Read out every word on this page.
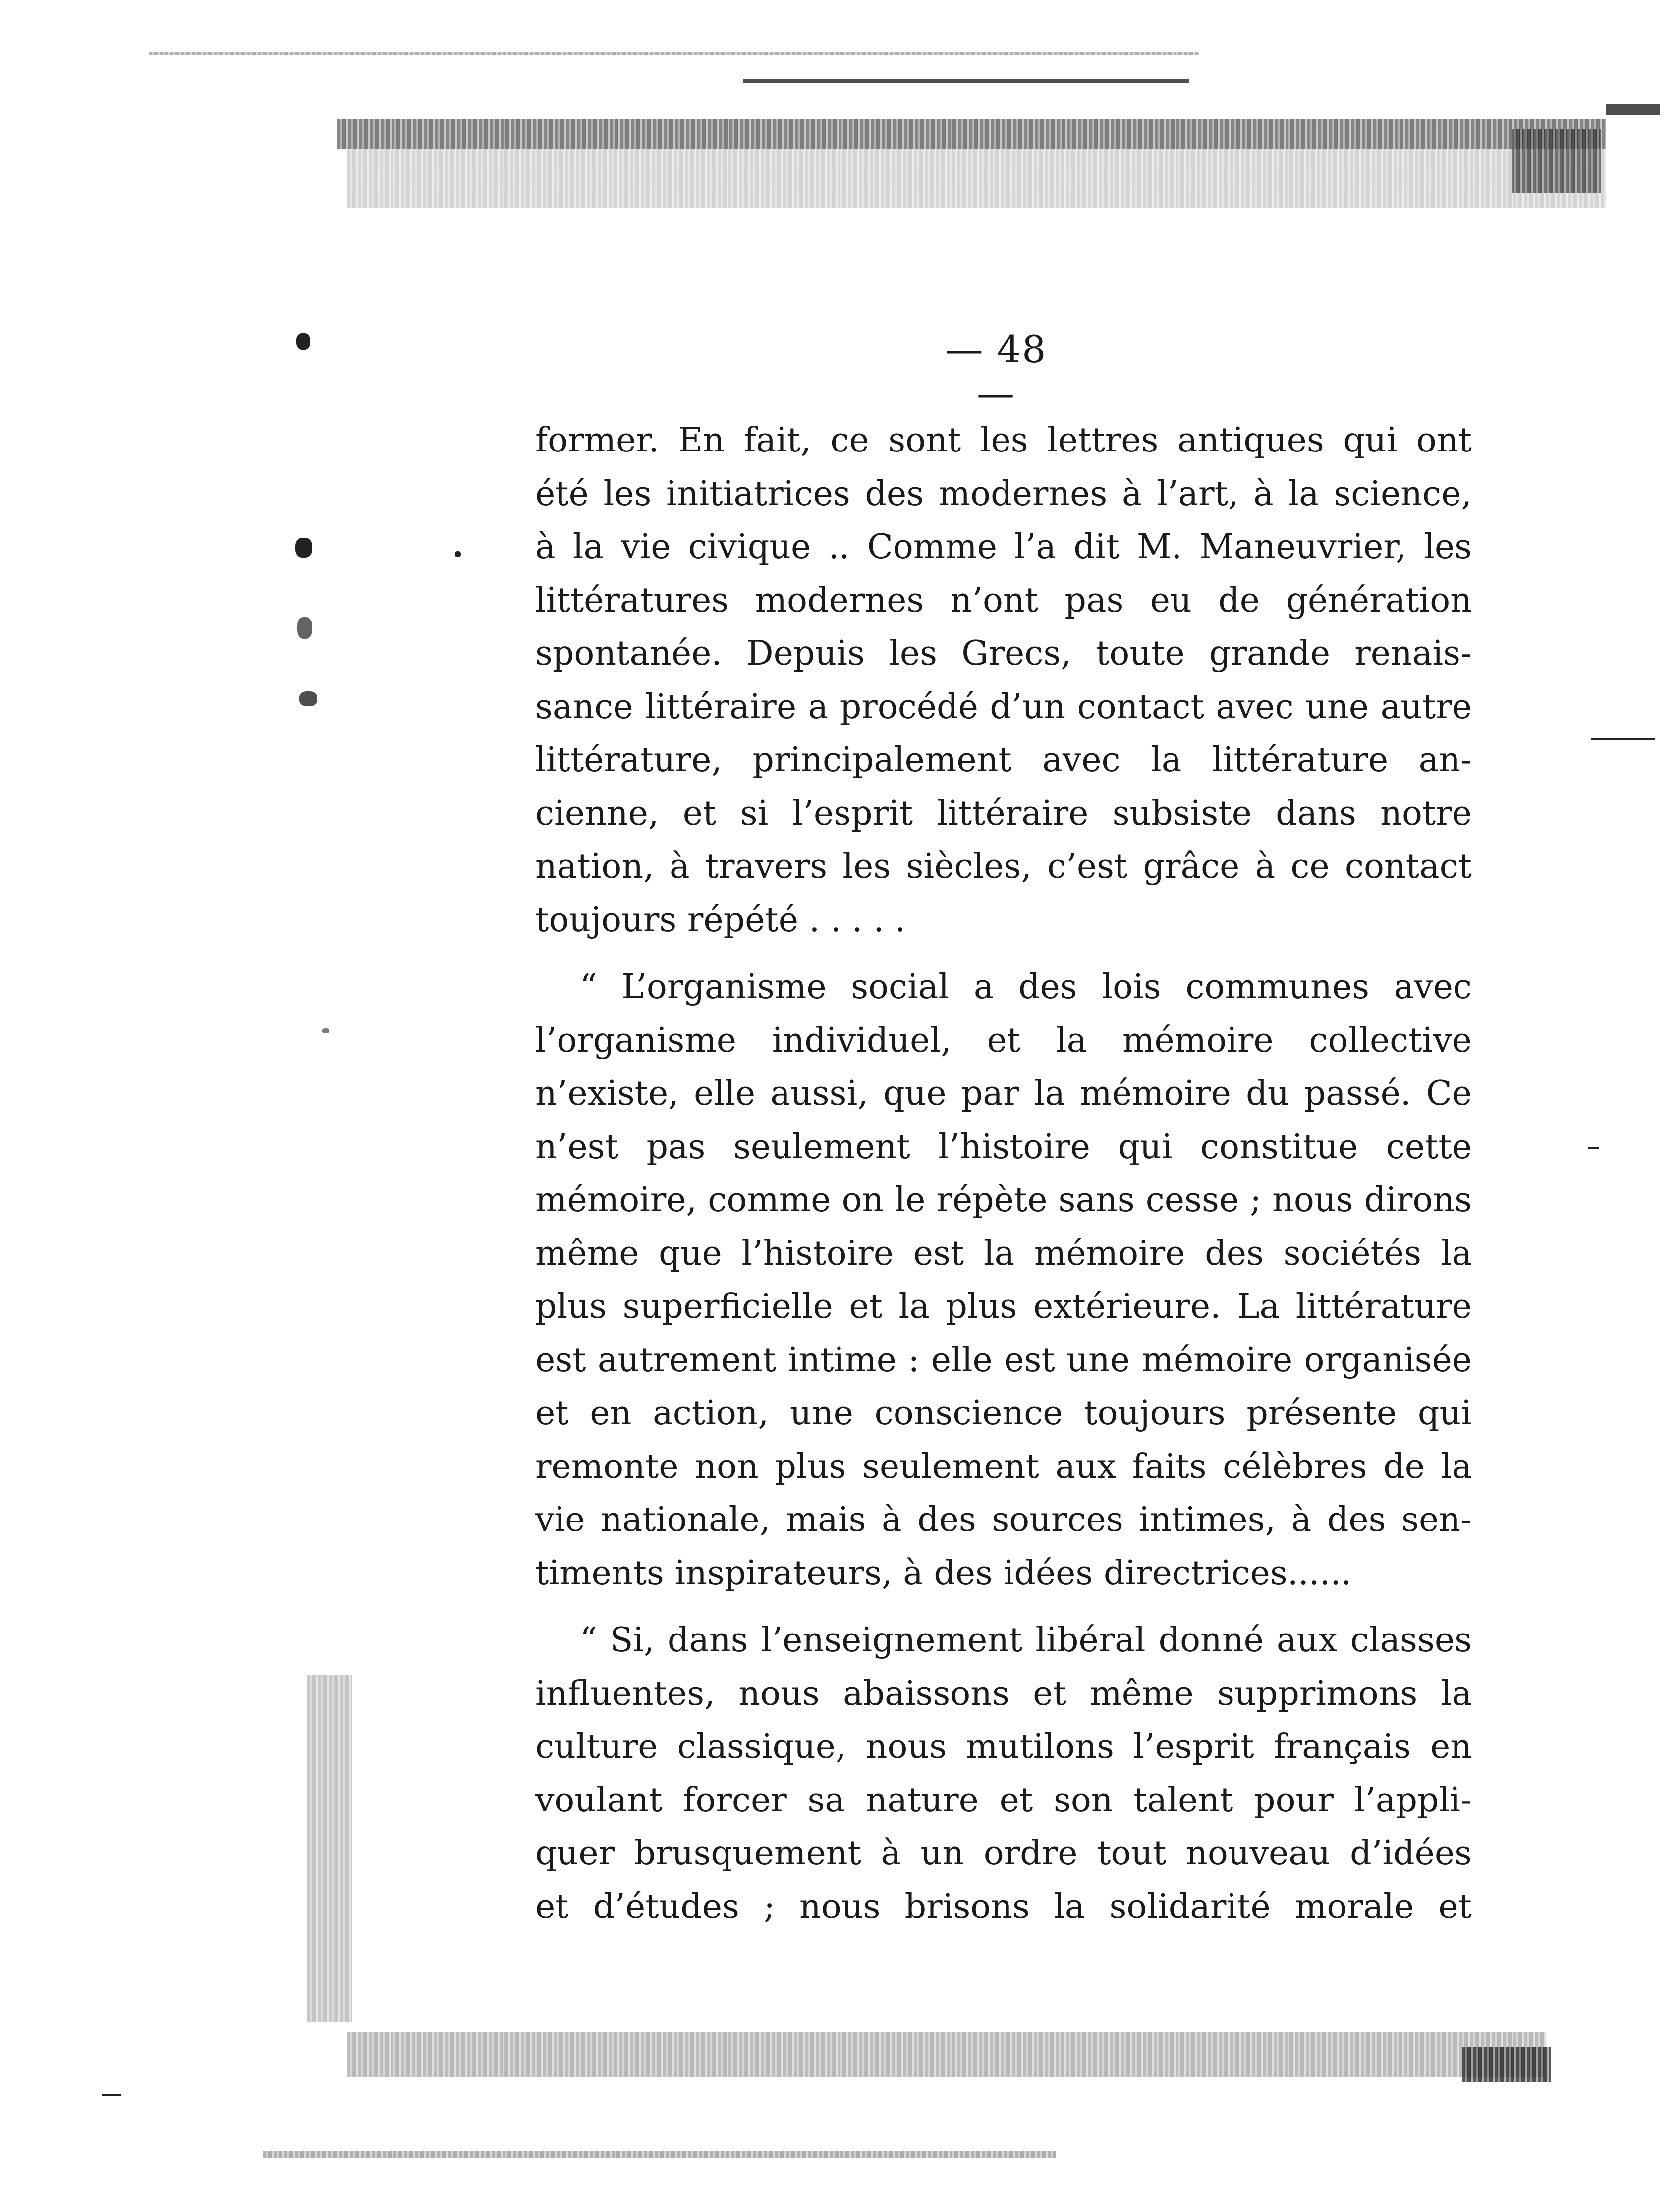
— 48 —
former. En fait, ce sont les lettres antiques qui ont
été les initiatrices des modernes à l’art, à la science,
à la vie civique .. Comme l’a dit M. Maneuvrier, les
littératures modernes n’ont pas eu de génération
spontanée. Depuis les Grecs, toute grande renais-
sance littéraire a procédé d’un contact avec une autre
littérature, principalement avec la littérature an-
cienne, et si l’esprit littéraire subsiste dans notre
nation, à travers les siècles, c’est grâce à ce contact
toujours répété . . . . .
“ L’organisme social a des lois communes avec
l’organisme individuel, et la mémoire collective
n’existe, elle aussi, que par la mémoire du passé. Ce
n’est pas seulement l’histoire qui constitue cette
mémoire, comme on le répète sans cesse ; nous dirons
même que l’histoire est la mémoire des sociétés la
plus superficielle et la plus extérieure. La littérature
est autrement intime : elle est une mémoire organisée
et en action, une conscience toujours présente qui
remonte non plus seulement aux faits célèbres de la
vie nationale, mais à des sources intimes, à des sen-
timents inspirateurs, à des idées directrices......
“ Si, dans l’enseignement libéral donné aux classes
influentes, nous abaissons et même supprimons la
culture classique, nous mutilons l’esprit français en
voulant forcer sa nature et son talent pour l’appli-
quer brusquement à un ordre tout nouveau d’idées
et d’études ; nous brisons la solidarité morale et
